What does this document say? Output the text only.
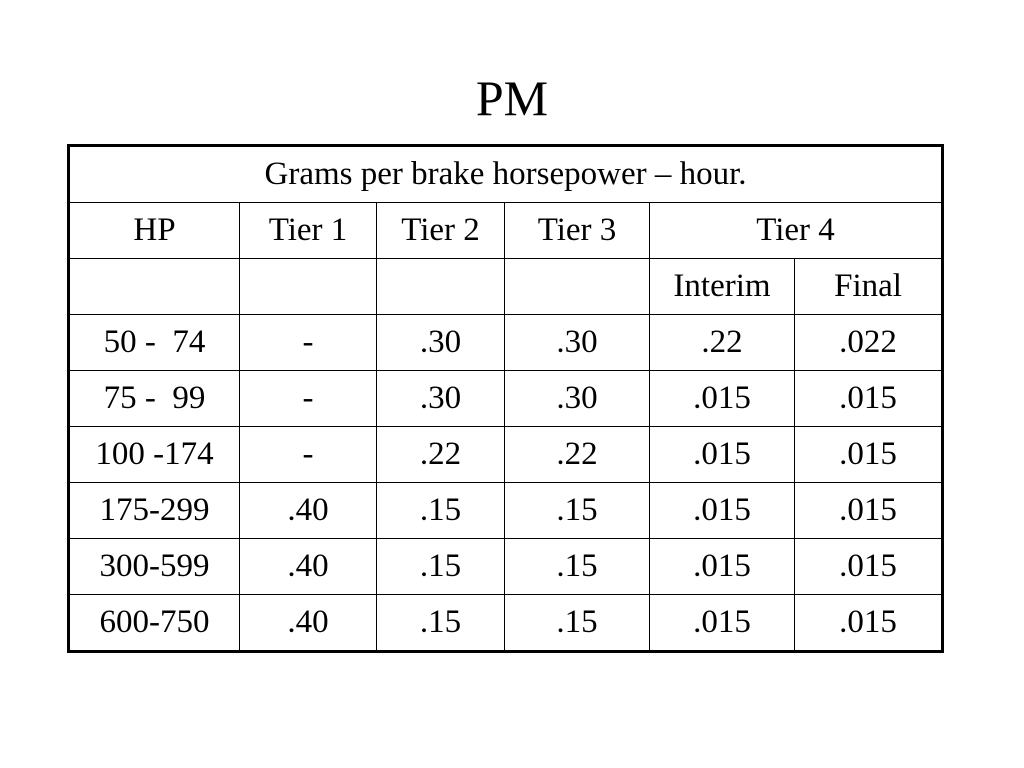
PM
Grams per brake horsepower – hour.					
HP	Tier 1	Tier 2	Tier 3	Tier 4	
				Interim	Final
50 -  74	-	.30	.30	.22	.022
75 -  99	-	.30	.30	.015	.015
100 -174	-	.22	.22	.015	.015
175-299	.40	.15	.15	.015	.015
300-599	.40	.15	.15	.015	.015
600-750	.40	.15	.15	.015	.015
